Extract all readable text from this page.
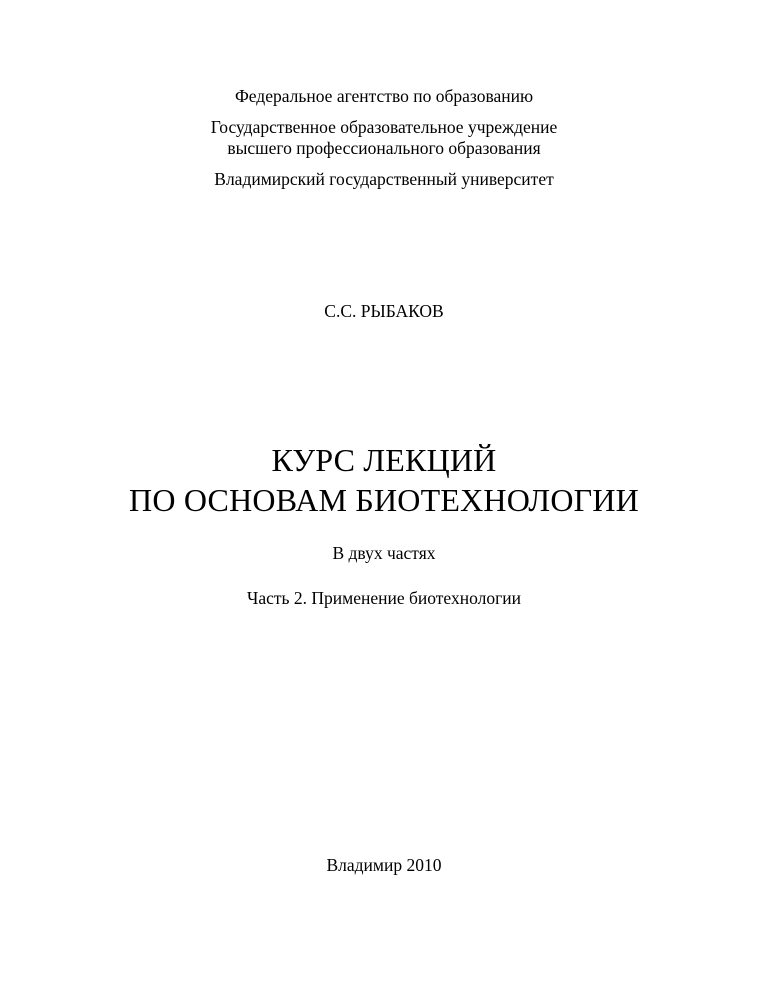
Федеральное агентство по образованию
Государственное образовательное учреждение
высшего профессионального образования
Владимирский государственный университет
С.С. РЫБАКОВ
КУРС ЛЕКЦИЙ
ПО ОСНОВАМ БИОТЕХНОЛОГИИ
В двух частях
Часть 2. Применение биотехнологии
Владимир 2010
